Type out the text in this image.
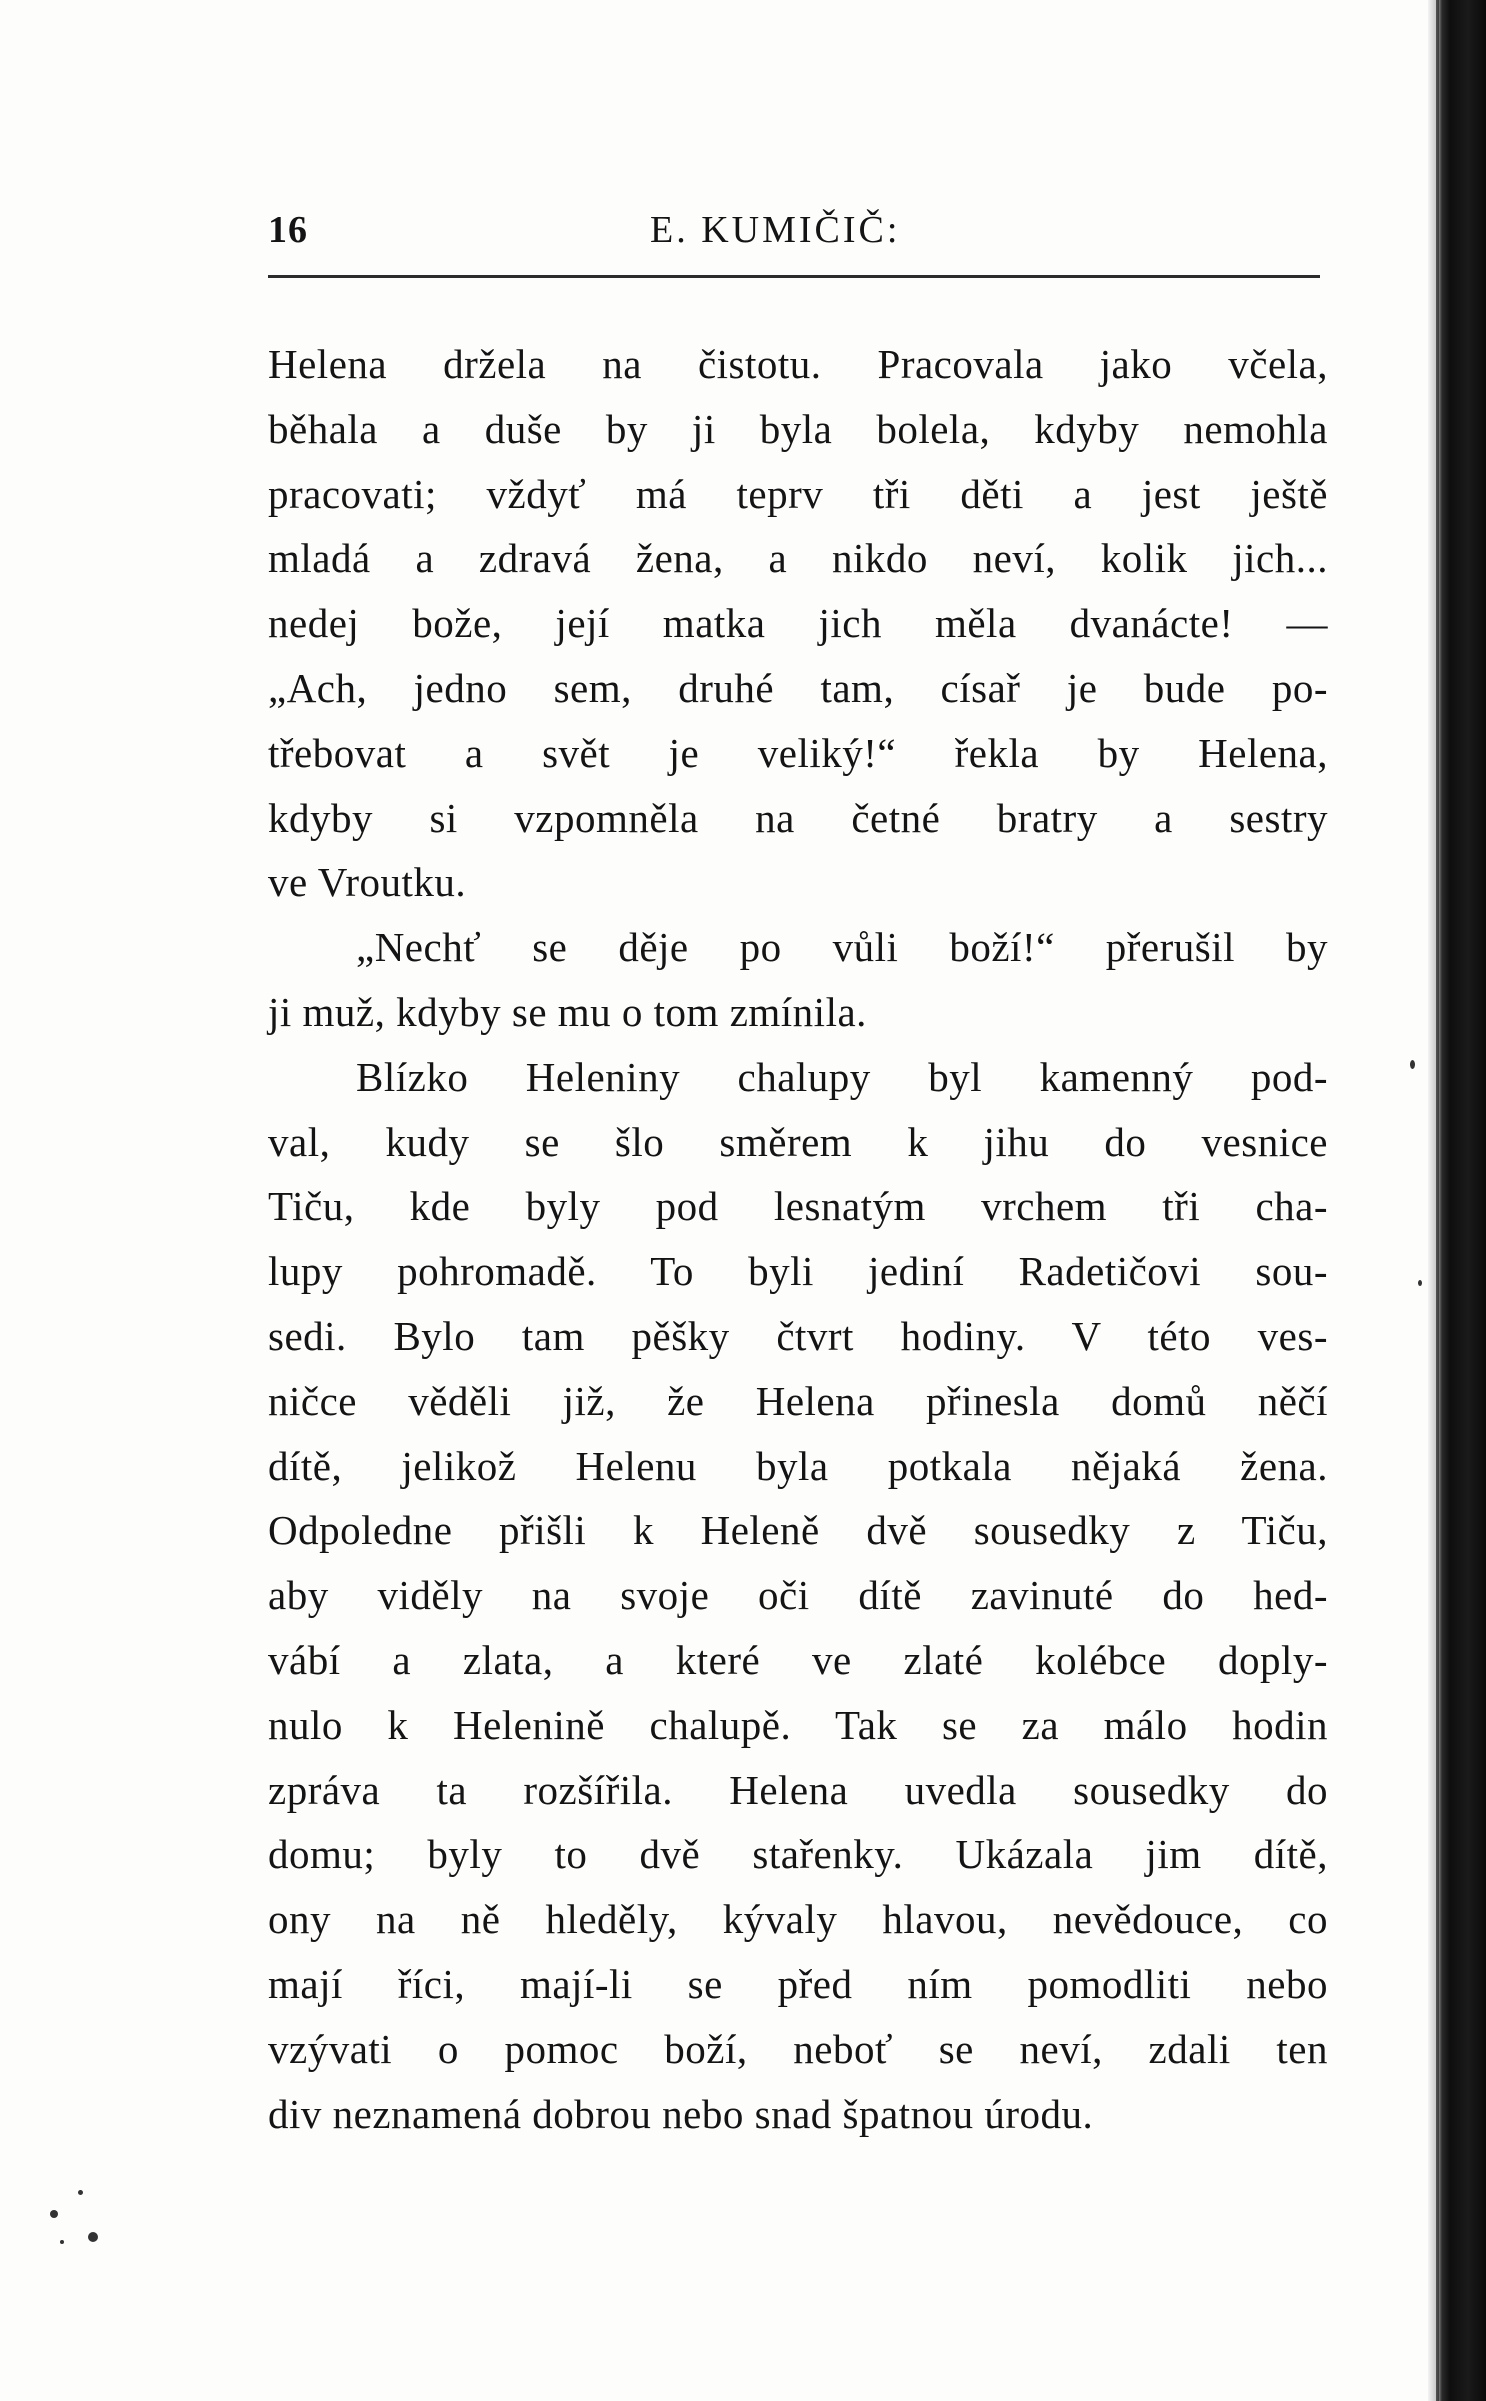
16	E. KUMIČIČ:
Helena držela na čistotu. Pracovala jako včela,
běhala a duše by ji byla bolela, kdyby nemohla
pracovati; vždyť má teprv tři děti a jest ještě
mladá a zdravá žena, a nikdo neví, kolik jich...
nedej bože, její matka jich měla dvanácte! —
„Ach, jedno sem, druhé tam, císař je bude po-
třebovat a svět je veliký!“ řekla by Helena,
kdyby si vzpomněla na četné bratry a sestry
ve Vroutku.
„Nechť se děje po vůli boží!“ přerušil by
ji muž, kdyby se mu o tom zmínila.
Blízko Heleniny chalupy byl kamenný pod-
val, kudy se šlo směrem k jihu do vesnice
Tiču, kde byly pod lesnatým vrchem tři cha-
lupy pohromadě. To byli jediní Radetičovi sou-
sedi. Bylo tam pěšky čtvrt hodiny. V této ves-
ničce věděli již, že Helena přinesla domů něčí
dítě, jelikož Helenu byla potkala nějaká žena.
Odpoledne přišli k Heleně dvě sousedky z Tiču,
aby viděly na svoje oči dítě zavinuté do hed-
vábí a zlata, a které ve zlaté kolébce doply-
nulo k Helenině chalupě. Tak se za málo hodin
zpráva ta rozšířila. Helena uvedla sousedky do
domu; byly to dvě stařenky. Ukázala jim dítě,
ony na ně hleděly, kývaly hlavou, nevědouce, co
mají říci, mají-li se před ním pomodliti nebo
vzývati o pomoc boží, neboť se neví, zdali ten
div neznamená dobrou nebo snad špatnou úrodu.
